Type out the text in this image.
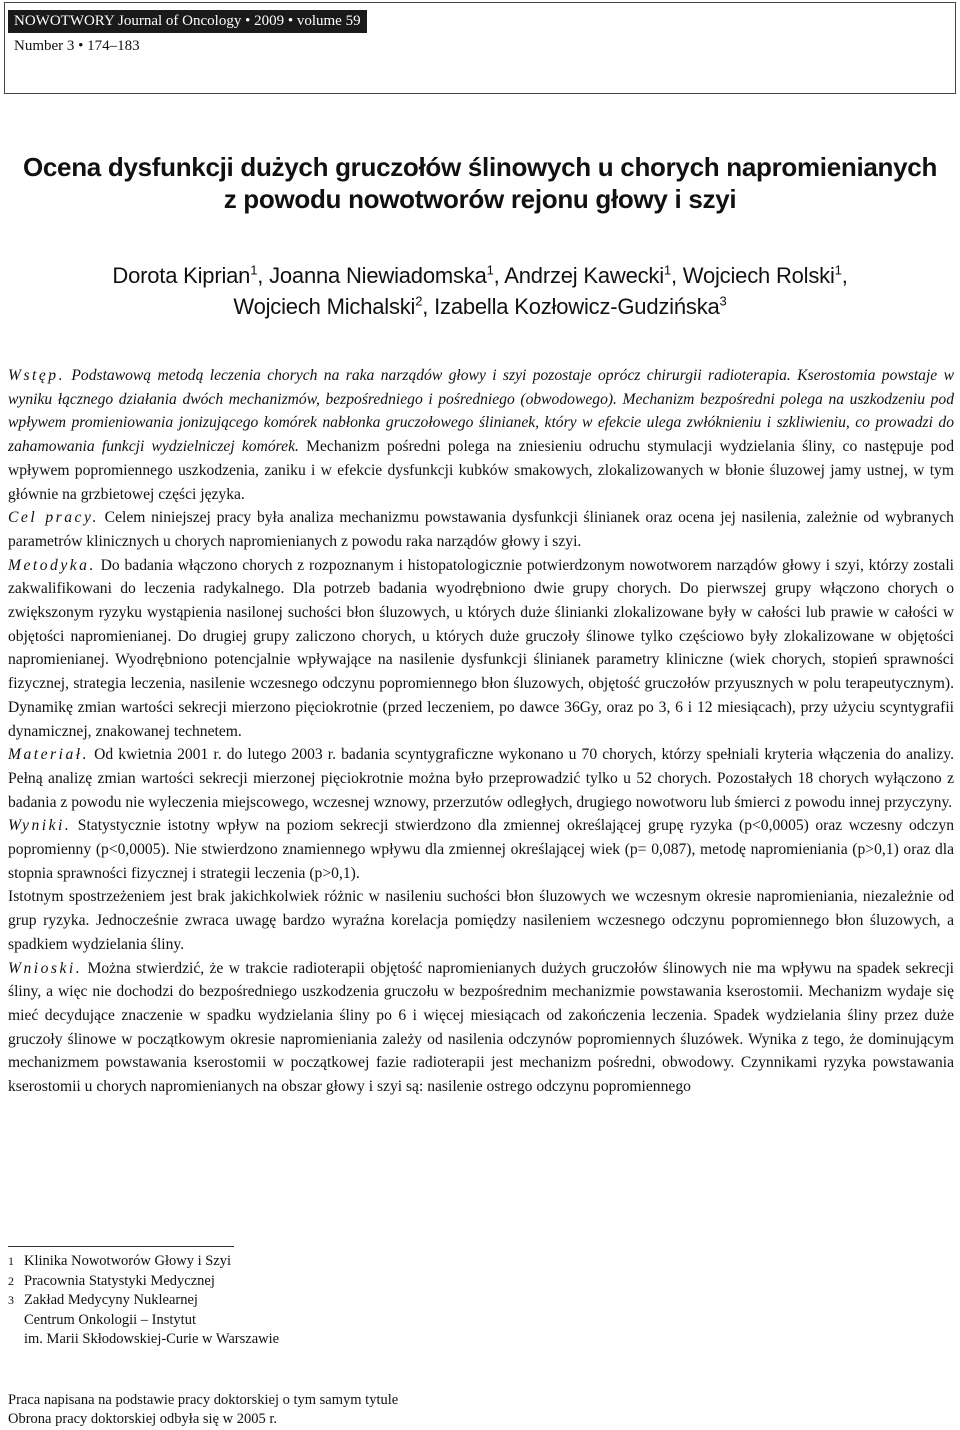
NOWOTWORY Journal of Oncology • 2009 • volume 59
Number 3 • 174–183
Ocena dysfunkcji dużych gruczołów ślinowych u chorych napromienianych
z powodu nowotworów rejonu głowy i szyi
Dorota Kiprian$^1$, Joanna Niewiadomska$^1$, Andrzej Kawecki$^1$, Wojciech Rolski$^1$,
Wojciech Michalski$^2$, Izabella Kozłowicz-Gudzińska$^3$

Wstęp. Podstawową metodą leczenia chorych na raka narządów głowy i szyi pozostaje oprócz chirurgii radioterapia. Kserostomia powstaje w wyniku łącznego działania dwóch mechanizmów, bezpośredniego i pośredniego (obwodowego). Mechanizm bezpośredni polega na uszkodzeniu pod wpływem promieniowania jonizującego komórek nabłonka gruczołowego ślinianek, który w efekcie ulega zwłóknieniu i szkliwieniu, co prowadzi do zahamowania funkcji wydzielniczej komórek. Mechanizm pośredni polega na zniesieniu odruchu stymulacji wydzielania śliny, co następuje pod wpływem popromiennego uszkodzenia, zaniku i w efekcie dysfunkcji kubków smakowych, zlokalizowanych w błonie śluzowej jamy ustnej, w tym głównie na grzbietowej części języka.

Cel pracy. Celem niniejszej pracy była analiza mechanizmu powstawania dysfunkcji ślinianek oraz ocena jej nasilenia, zależnie od wybranych parametrów klinicznych u chorych napromienianych z powodu raka narządów głowy i szyi.

Metodyka. Do badania włączono chorych z rozpoznanym i histopatologicznie potwierdzonym nowotworem narządów głowy i szyi, którzy zostali zakwalifikowani do leczenia radykalnego. Dla potrzeb badania wyodrębniono dwie grupy chorych. Do pierwszej grupy włączono chorych o zwiększonym ryzyku wystąpienia nasilonej suchości błon śluzowych, u których duże ślinianki zlokalizowane były w całości lub prawie w całości w objętości napromienianej. Do drugiej grupy zaliczono chorych, u których duże gruczoły ślinowe tylko częściowo były zlokalizowane w objętości napromienianej. Wyodrębniono potencjalnie wpływające na nasilenie dysfunkcji ślinianek parametry kliniczne (wiek chorych, stopień sprawności fizycznej, strategia leczenia, nasilenie wczesnego odczynu popromiennego błon śluzowych, objętość gruczołów przyusznych w polu terapeutycznym). Dynamikę zmian wartości sekrecji mierzono pięciokrotnie (przed leczeniem, po dawce 36Gy, oraz po 3, 6 i 12 miesiącach), przy użyciu scyntygrafii dynamicznej, znakowanej technetem.

Materiał. Od kwietnia 2001 r. do lutego 2003 r. badania scyntygraficzne wykonano u 70 chorych, którzy spełniali kryteria włączenia do analizy. Pełną analizę zmian wartości sekrecji mierzonej pięciokrotnie można było przeprowadzić tylko u 52 chorych. Pozostałych 18 chorych wyłączono z badania z powodu nie wyleczenia miejscowego, wczesnej wznowy, przerzutów odległych, drugiego nowotworu lub śmierci z powodu innej przyczyny.

Wyniki. Statystycznie istotny wpływ na poziom sekrecji stwierdzono dla zmiennej określającej grupę ryzyka (p<0,0005) oraz wczesny odczyn popromienny (p<0,0005). Nie stwierdzono znamiennego wpływu dla zmiennej określającej wiek (p= 0,087), metodę napromieniania (p>0,1) oraz dla stopnia sprawności fizycznej i strategii leczenia (p>0,1).

Istotnym spostrzeżeniem jest brak jakichkolwiek różnic w nasileniu suchości błon śluzowych we wczesnym okresie napromieniania, niezależnie od grup ryzyka. Jednocześnie zwraca uwagę bardzo wyraźna korelacja pomiędzy nasileniem wczesnego odczynu popromiennego błon śluzowych, a spadkiem wydzielania śliny.

Wnioski. Można stwierdzić, że w trakcie radioterapii objętość napromienianych dużych gruczołów ślinowych nie ma wpływu na spadek sekrecji śliny, a więc nie dochodzi do bezpośredniego uszkodzenia gruczołu w bezpośrednim mechanizmie powstawania kserostomii. Mechanizm wydaje się mieć decydujące znaczenie w spadku wydzielania śliny po 6 i więcej miesiącach od zakończenia leczenia. Spadek wydzielania śliny przez duże gruczoły ślinowe w początkowym okresie napromieniania zależy od nasilenia odczynów popromiennych śluzówek. Wynika z tego, że dominującym mechanizmem powstawania kserostomii w początkowej fazie radioterapii jest mechanizm pośredni, obwodowy. Czynnikami ryzyka powstawania kserostomii u chorych napromienianych na obszar głowy i szyi są: nasilenie ostrego odczynu popromiennego

1 Klinika Nowotworów Głowy i Szyi
2 Pracownia Statystyki Medycznej
3 Zakład Medycyny Nuklearnej
Centrum Onkologii – Instytut
im. Marii Skłodowskiej-Curie w Warszawie
Praca napisana na podstawie pracy doktorskiej o tym samym tytule
Obrona pracy doktorskiej odbyła się w 2005 r.
